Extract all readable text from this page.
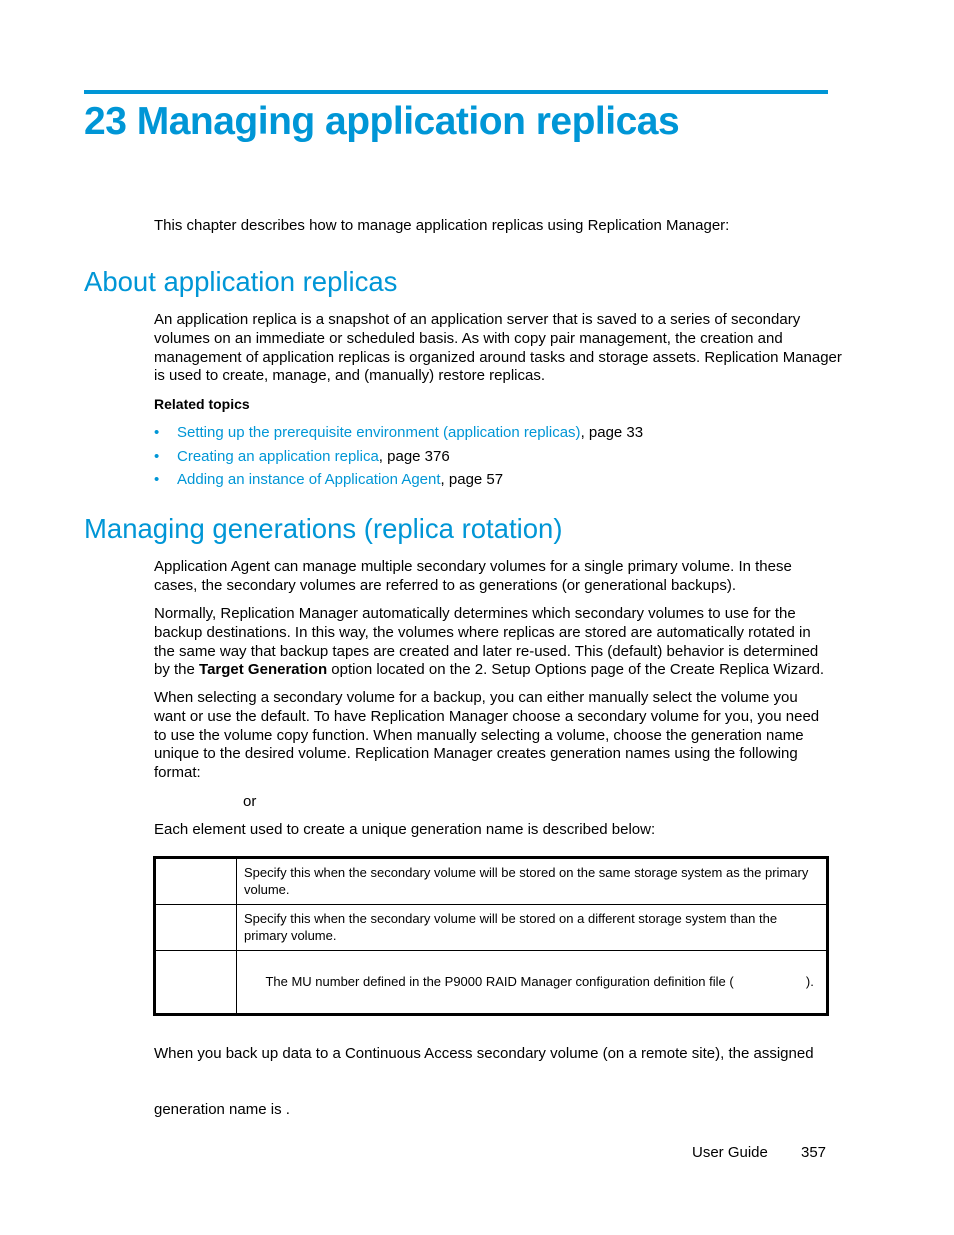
23 Managing application replicas

This chapter describes how to manage application replicas using Replication Manager:

About application replicas

An application replica is a snapshot of an application server that is saved to a series of secondary
volumes on an immediate or scheduled basis. As with copy pair management, the creation and
management of application replicas is organized around tasks and storage assets. Replication Manager
is used to create, manage, and (manually) restore replicas.

Related topics

• Setting up the prerequisite environment (application replicas), page 33
• Creating an application replica, page 376
• Adding an instance of Application Agent, page 57
Managing generations (replica rotation)

Application Agent can manage multiple secondary volumes for a single primary volume. In these
cases, the secondary volumes are referred to as generations (or generational backups).

Normally, Replication Manager automatically determines which secondary volumes to use for the
backup destinations. In this way, the volumes where replicas are stored are automatically rotated in
the same way that backup tapes are created and later re-used. This (default) behavior is determined
by the Target Generation option located on the 2. Setup Options page of the Create Replica Wizard.

When selecting a secondary volume for a backup, you can either manually select the volume you
want or use the default. To have Replication Manager choose a secondary volume for you, you need
to use the volume copy function. When manually selecting a volume, choose the generation name
unique to the desired volume. Replication Manager creates generation names using the following
format:

or

Each element used to create a unique generation name is described below:

	Specify this when the secondary volume will be stored on the same storage system as the primary
volume.
	Specify this when the secondary volume will be stored on a different storage system than the
primary volume.

The MU number defined in the P9000 RAID Manager configuration definition file (                    ).

When you back up data to a Continuous Access secondary volume (on a remote site), the assigned

generation name is .

User Guide 357
